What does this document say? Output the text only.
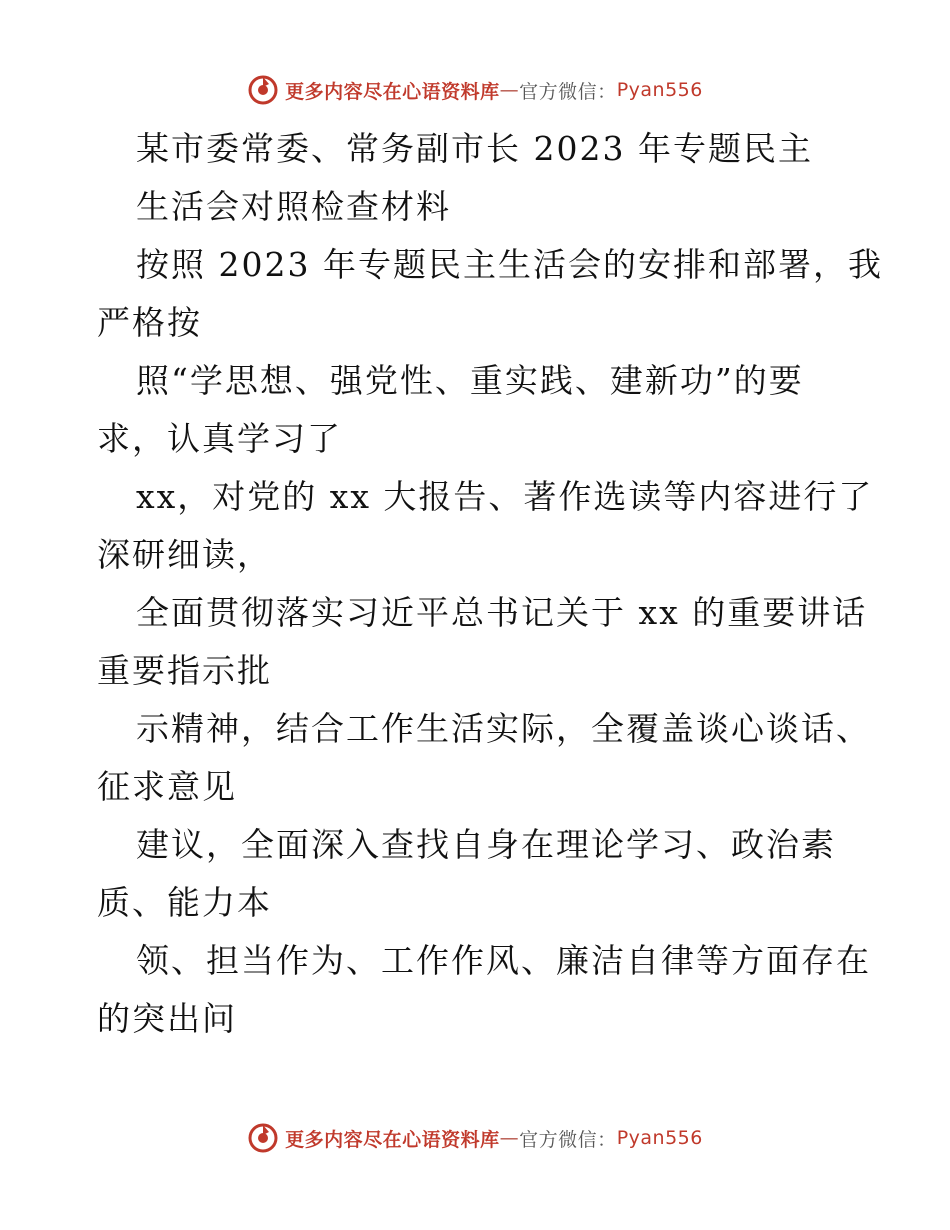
更多内容尽在心语资料库 — 官方微信： Pyan556
某市委常委、常务副市长 2023 年专题民主
生活会对照检查材料
按照 2023 年专题民主生活会的安排和部署，我
严格按
照“学思想、强党性、重实践、建新功”的要
求，认真学习了
xx，对党的 xx 大报告、著作选读等内容进行了
深研细读，
全面贯彻落实习近平总书记关于 xx 的重要讲话
重要指示批
示精神，结合工作生活实际，全覆盖谈心谈话、
征求意见
建议，全面深入查找自身在理论学习、政治素
质、能力本
领、担当作为、工作作风、廉洁自律等方面存在
的突出问
更多内容尽在心语资料库 — 官方微信： Pyan556
